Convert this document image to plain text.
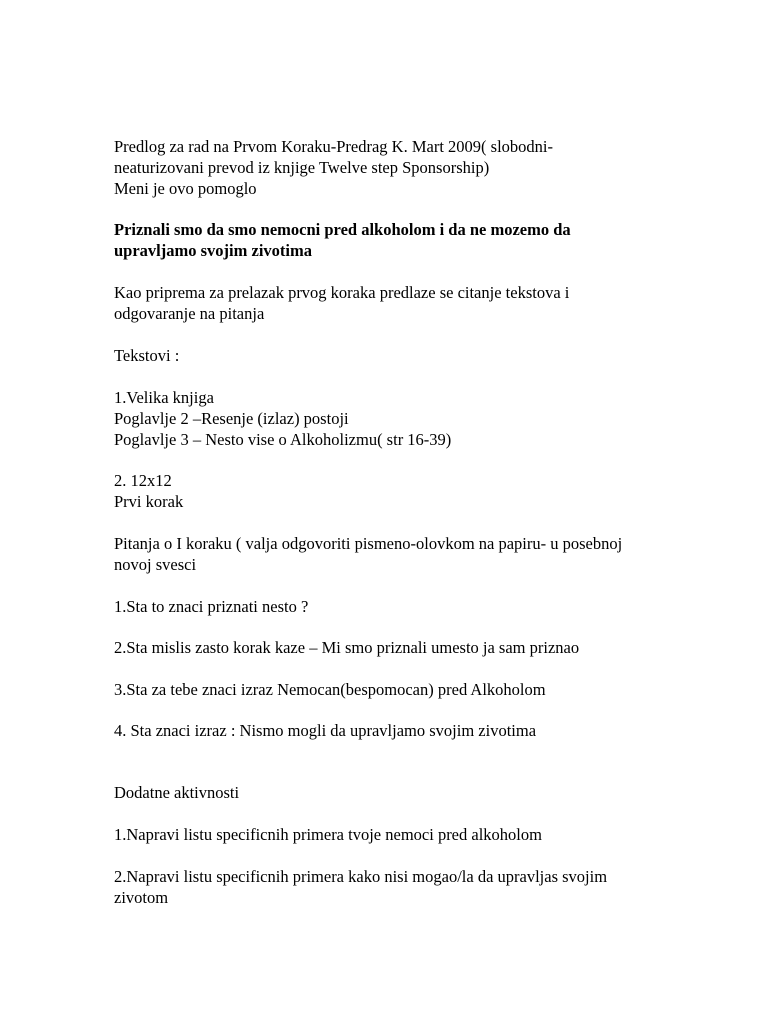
Predlog za rad na Prvom Koraku-Predrag K. Mart 2009( slobodni-
neaturizovani prevod iz knjige Twelve step Sponsorship)
Meni je ovo pomoglo
Priznali smo da smo nemocni pred alkoholom i da ne mozemo da
upravljamo svojim zivotima
Kao priprema za prelazak prvog koraka predlaze se citanje tekstova i
odgovaranje na pitanja
Tekstovi :
1.Velika knjiga
Poglavlje 2 –Resenje (izlaz) postoji
Poglavlje 3 – Nesto vise o Alkoholizmu( str 16-39)
2. 12x12
Prvi korak
Pitanja o I koraku ( valja odgovoriti pismeno-olovkom na papiru- u posebnoj
novoj svesci
1.Sta to znaci priznati nesto ?
2.Sta mislis zasto korak kaze – Mi smo priznali umesto ja sam priznao
3.Sta za tebe znaci izraz Nemocan(bespomocan) pred Alkoholom
4. Sta znaci izraz : Nismo mogli da upravljamo svojim zivotima
Dodatne aktivnosti
1.Napravi listu specificnih primera tvoje nemoci pred alkoholom
2.Napravi listu specificnih primera kako nisi mogao/la da upravljas svojim
zivotom
